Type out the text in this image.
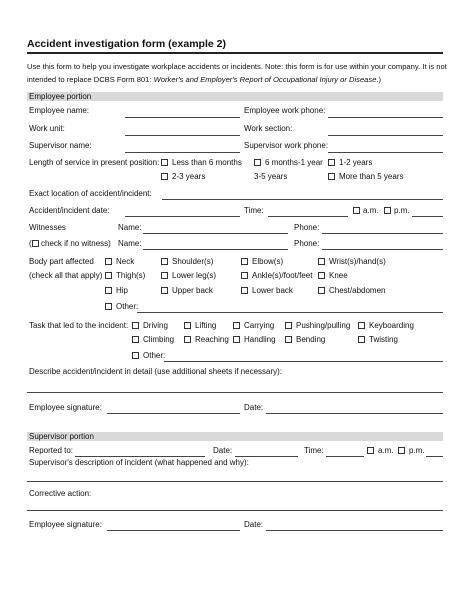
Accident investigation form (example 2)
Use this form to help you investigate workplace accidents or incidents. Note: this form is for use within your company. It is not intended to replace DCBS Form 801: Worker's and Employer's Report of Occupational Injury or Disease.)
Employee portion
Employee name:	Employee work phone:
Work unit:	Work section:
Supervisor name:	Supervisor work phone:
Length of service in present position: Less than 6 months	6 months-1 year 1-2 years
2-3 years	3-5 years	More than 5 years
Exact location of accident/incident:
Accident/incident date:	Time:	a.m. p.m.
Witnesses	Name:	Phone:
( check if no witness) Name:	Phone:
Body part affected
(check all that apply)
Neck	Shoulder(s)	Elbow(s)	Wrist(s)/hand(s)
Thigh(s)	Lower leg(s)	Ankle(s)/foot/feet Knee
Hip	Upper back	Lower back	Chest/abdomen
Other:
Task that led to the incident: Driving	Lifting	Carrying	Pushing/pulling Keyboarding
Climbing	Reaching Handling	Bending	Twisting
Other:
Describe accident/incident in detail (use additional sheets if necessary):
Employee signature:	Date:
Supervisor portion
Reported to:	Date:	Time:	a.m. p.m.
Supervisor's description of incident (what happened and why):
Corrective action:
Employee signature:	Date:
